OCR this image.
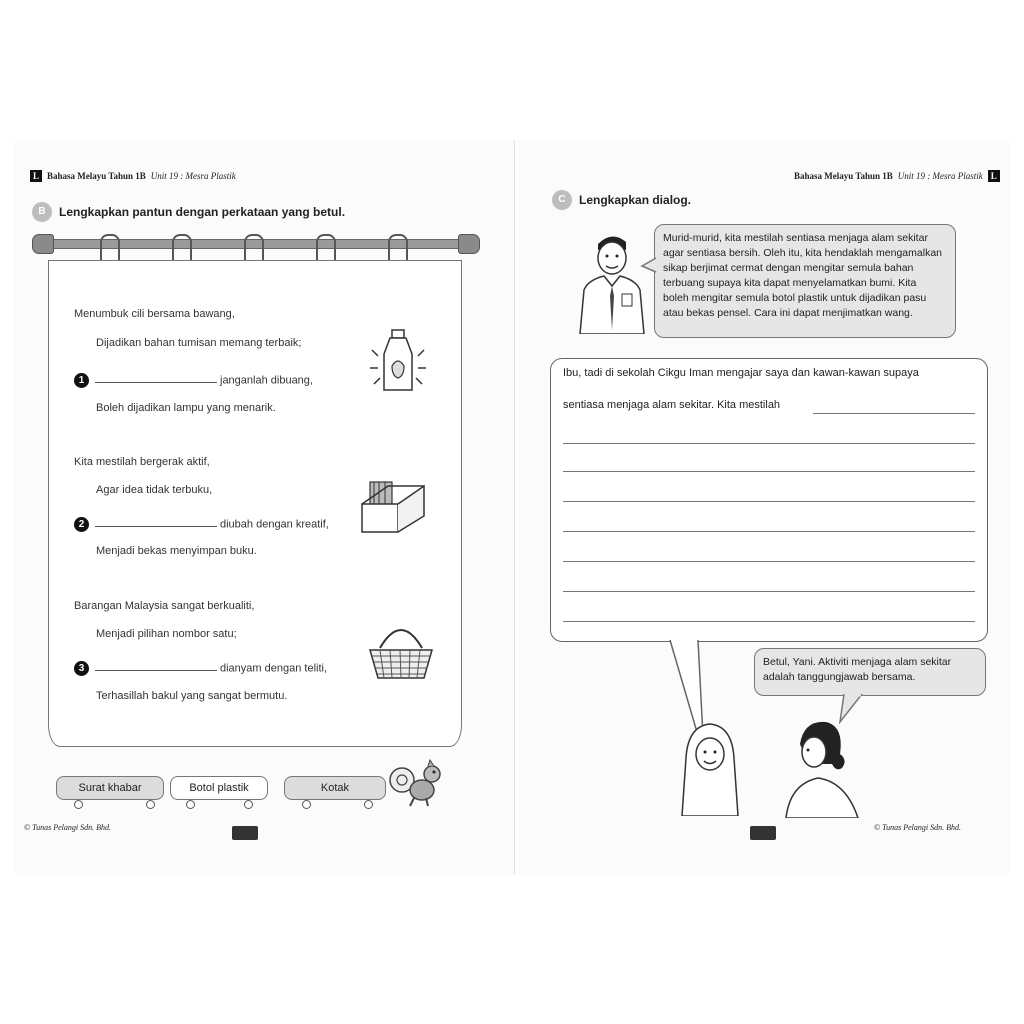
L Bahasa Melayu Tahun 1B Unit 19 : Mesra Plastik
B	Lengkapkan pantun dengan perkataan yang betul.
Menumbuk cili bersama bawang,
Dijadikan bahan tumisan memang terbaik;
1	janganlah dibuang,
Boleh dijadikan lampu yang menarik.
Kita mestilah bergerak aktif,
Agar idea tidak terbuku,
2	diubah dengan kreatif,
Menjadi bekas menyimpan buku.
Barangan Malaysia sangat berkualiti,
Menjadi pilihan nombor satu;
3	dianyam dengan teliti,
Terhasillah bakul yang sangat bermutu.
Surat khabar	Botol plastik	Kotak
© Tunas Pelangi Sdn. Bhd.
Bahasa Melayu Tahun 1B Unit 19 : Mesra Plastik L
C	Lengkapkan dialog.
Murid-murid, kita mestilah sentiasa menjaga alam sekitar
agar sentiasa bersih. Oleh itu, kita hendaklah mengamalkan
sikap berjimat cermat dengan mengitar semula bahan
terbuang supaya kita dapat menyelamatkan bumi. Kita
boleh mengitar semula botol plastik untuk dijadikan pasu
atau bekas pensel. Cara ini dapat menjimatkan wang.
Ibu, tadi di sekolah Cikgu Iman mengajar saya dan kawan-kawan supaya
sentiasa menjaga alam sekitar. Kita mestilah
Betul, Yani. Aktiviti menjaga alam sekitar
adalah tanggungjawab bersama.
© Tunas Pelangi Sdn. Bhd.
